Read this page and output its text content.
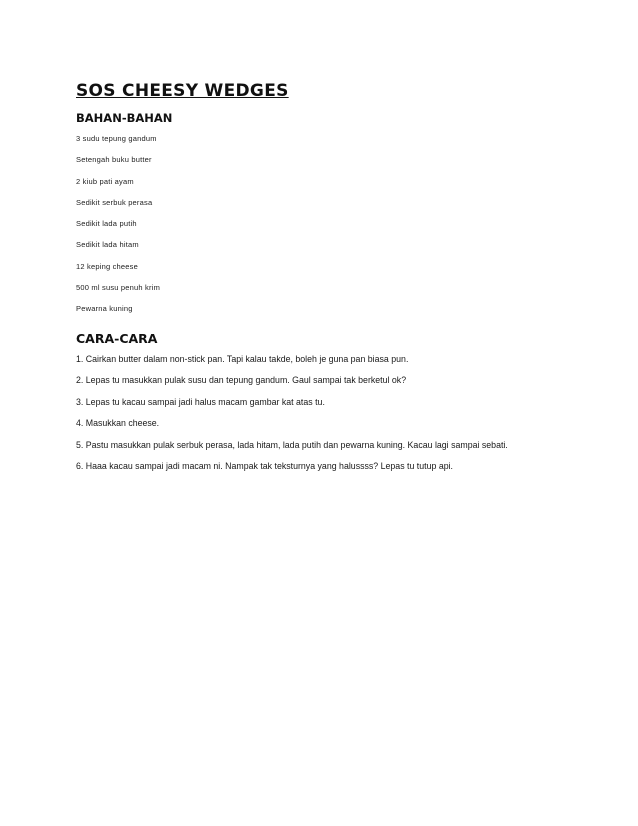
SOS CHEESY WEDGES
BAHAN-BAHAN
3 sudu tepung gandum
Setengah buku butter
2 kiub pati ayam
Sedikit serbuk perasa
Sedikit lada putih
Sedikit lada hitam
12 keping cheese
500 ml susu penuh krim
Pewarna kuning
CARA-CARA
1. Cairkan butter dalam non-stick pan. Tapi kalau takde, boleh je guna pan biasa pun.
2. Lepas tu masukkan pulak susu dan tepung gandum. Gaul sampai tak berketul ok?
3. Lepas tu kacau sampai jadi halus macam gambar kat atas tu.
4. Masukkan cheese.
5. Pastu masukkan pulak serbuk perasa, lada hitam, lada putih dan pewarna kuning. Kacau lagi sampai sebati.
6. Haaa kacau sampai jadi macam ni. Nampak tak teksturnya yang halussss? Lepas tu tutup api.
